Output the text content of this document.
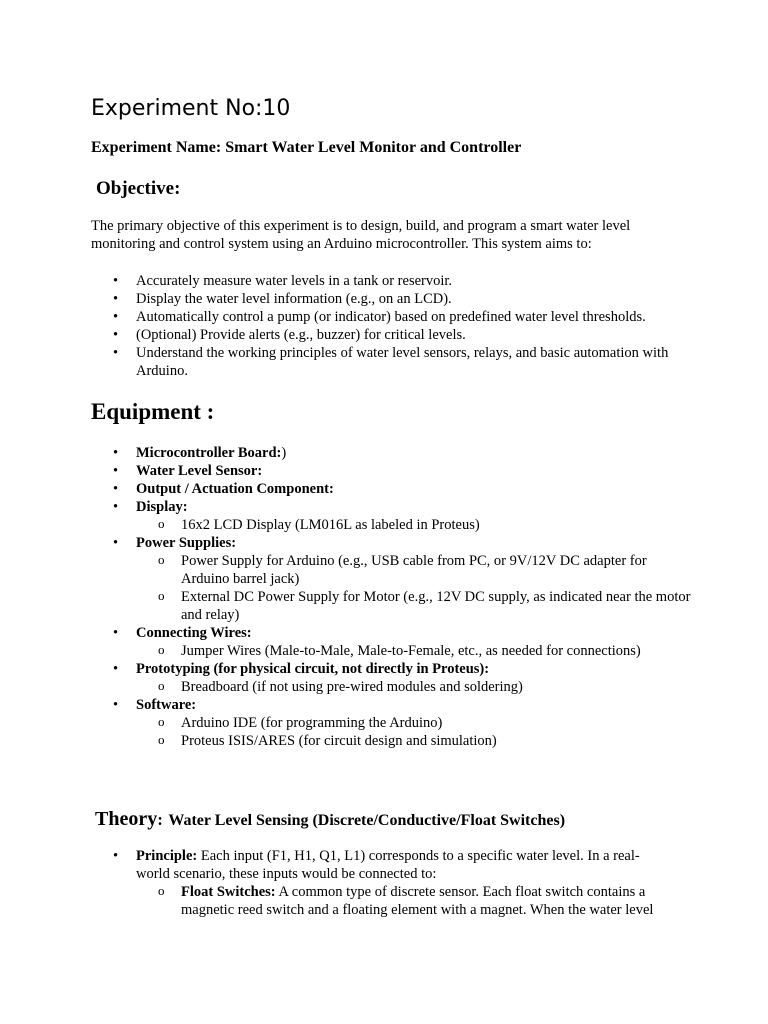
Experiment No:10

Experiment Name: Smart Water Level Monitor and Controller

Objective:

The primary objective of this experiment is to design, build, and program a smart water level monitoring and control system using an Arduino microcontroller. This system aims to:

• Accurately measure water levels in a tank or reservoir.
• Display the water level information (e.g., on an LCD).
• Automatically control a pump (or indicator) based on predefined water level thresholds.
• (Optional) Provide alerts (e.g., buzzer) for critical levels.
• Understand the working principles of water level sensors, relays, and basic automation with Arduino.
Equipment :
• Microcontroller Board:)
• Water Level Sensor:
• Output / Actuation Component:
• Display:
o 16x2 LCD Display (LM016L as labeled in Proteus)
• Power Supplies:
o Power Supply for Arduino (e.g., USB cable from PC, or 9V/12V DC adapter for Arduino barrel jack)
o External DC Power Supply for Motor (e.g., 12V DC supply, as indicated near the motor and relay)
• Connecting Wires:
o Jumper Wires (Male-to-Male, Male-to-Female, etc., as needed for connections)
• Prototyping (for physical circuit, not directly in Proteus):
o Breadboard (if not using pre-wired modules and soldering)
• Software:
o Arduino IDE (for programming the Arduino)
o Proteus ISIS/ARES (for circuit design and simulation)
Theory: Water Level Sensing (Discrete/Conductive/Float Switches)
• Principle: Each input (F1, H1, Q1, L1) corresponds to a specific water level. In a real-world scenario, these inputs would be connected to:
o Float Switches: A common type of discrete sensor. Each float switch contains a magnetic reed switch and a floating element with a magnet. When the water level
